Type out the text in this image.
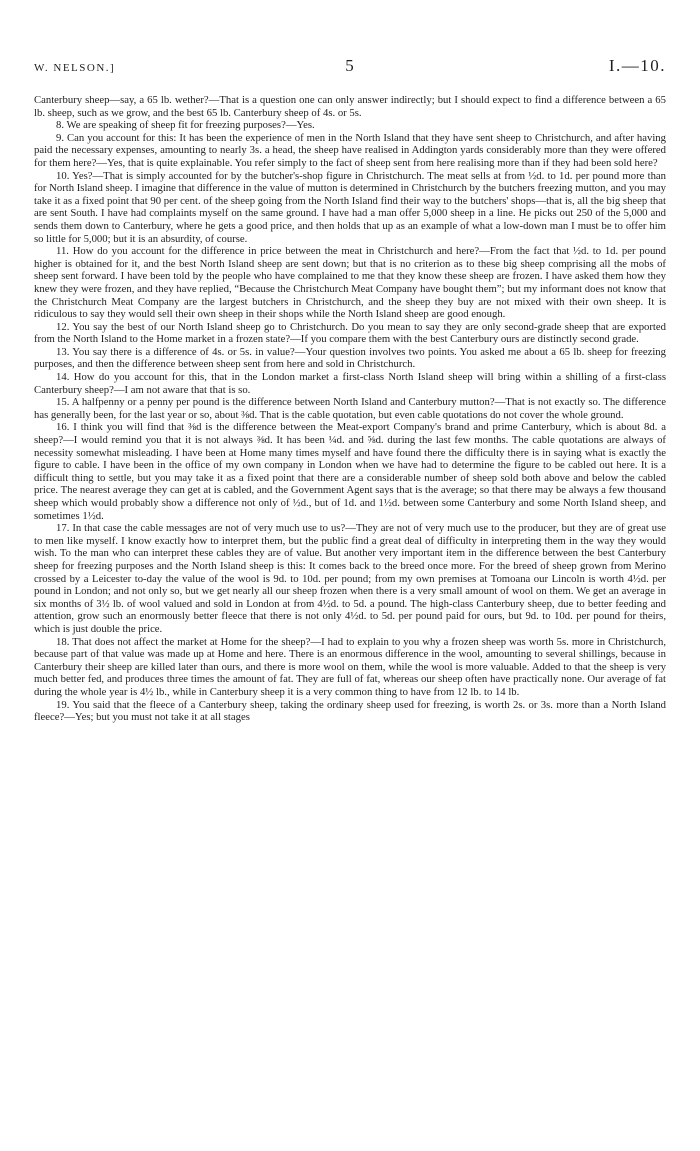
W. NELSON.]	5	I.—10.

Canterbury sheep—say, a 65 lb. wether?—That is a question one can only answer indirectly; but I should expect to find a difference between a 65 lb. sheep, such as we grow, and the best 65 lb. Canterbury sheep of 4s. or 5s.

8. We are speaking of sheep fit for freezing purposes?—Yes.

9. Can you account for this: It has been the experience of men in the North Island that they have sent sheep to Christchurch, and after having paid the necessary expenses, amounting to nearly 3s. a head, the sheep have realised in Addington yards considerably more than they were offered for them here?—Yes, that is quite explainable. You refer simply to the fact of sheep sent from here realising more than if they had been sold here?

10. Yes?—That is simply accounted for by the butcher's-shop figure in Christchurch. The meat sells at from ½d. to 1d. per pound more than for North Island sheep. I imagine that difference in the value of mutton is determined in Christchurch by the butchers freezing mutton, and you may take it as a fixed point that 90 per cent. of the sheep going from the North Island find their way to the butchers' shops—that is, all the big sheep that are sent South. I have had complaints myself on the same ground. I have had a man offer 5,000 sheep in a line. He picks out 250 of the 5,000 and sends them down to Canterbury, where he gets a good price, and then holds that up as an example of what a low-down man I must be to offer him so little for 5,000; but it is an absurdity, of course.

11. How do you account for the difference in price between the meat in Christchurch and here?—From the fact that ½d. to 1d. per pound higher is obtained for it, and the best North Island sheep are sent down; but that is no criterion as to these big sheep comprising all the mobs of sheep sent forward. I have been told by the people who have complained to me that they know these sheep are frozen. I have asked them how they knew they were frozen, and they have replied, “Because the Christchurch Meat Company have bought them”; but my informant does not know that the Christchurch Meat Company are the largest butchers in Christchurch, and the sheep they buy are not mixed with their own sheep. It is ridiculous to say they would sell their own sheep in their shops while the North Island sheep are good enough.

12. You say the best of our North Island sheep go to Christchurch. Do you mean to say they are only second-grade sheep that are exported from the North Island to the Home market in a frozen state?—If you compare them with the best Canterbury ours are distinctly second grade.

13. You say there is a difference of 4s. or 5s. in value?—Your question involves two points. You asked me about a 65 lb. sheep for freezing purposes, and then the difference between sheep sent from here and sold in Christchurch.

14. How do you account for this, that in the London market a first-class North Island sheep will bring within a shilling of a first-class Canterbury sheep?—I am not aware that that is so.

15. A halfpenny or a penny per pound is the difference between North Island and Canterbury mutton?—That is not exactly so. The difference has generally been, for the last year or so, about ⅜d. That is the cable quotation, but even cable quotations do not cover the whole ground.

16. I think you will find that ⅜d is the difference between the Meat-export Company's brand and prime Canterbury, which is about 8d. a sheep?—I would remind you that it is not always ⅜d. It has been ¼d. and ⅝d. during the last few months. The cable quotations are always of necessity somewhat misleading. I have been at Home many times myself and have found there the difficulty there is in saying what is exactly the figure to cable. I have been in the office of my own company in London when we have had to determine the figure to be cabled out here. It is a difficult thing to settle, but you may take it as a fixed point that there are a considerable number of sheep sold both above and below the cabled price. The nearest average they can get at is cabled, and the Government Agent says that is the average; so that there may be always a few thousand sheep which would probably show a difference not only of ½d., but of 1d. and 1½d. between some Canterbury and some North Island sheep, and sometimes 1½d.

17. In that case the cable messages are not of very much use to us?—They are not of very much use to the producer, but they are of great use to men like myself. I know exactly how to interpret them, but the public find a great deal of difficulty in interpreting them in the way they would wish. To the man who can interpret these cables they are of value. But another very important item in the difference between the best Canterbury sheep for freezing purposes and the North Island sheep is this: It comes back to the breed once more. For the breed of sheep grown from Merino crossed by a Leicester to-day the value of the wool is 9d. to 10d. per pound; from my own premises at Tomoana our Lincoln is worth 4½d. per pound in London; and not only so, but we get nearly all our sheep frozen when there is a very small amount of wool on them. We get an average in six months of 3½ lb. of wool valued and sold in London at from 4½d. to 5d. a pound. The high-class Canterbury sheep, due to better feeding and attention, grow such an enormously better fleece that there is not only 4½d. to 5d. per pound paid for ours, but 9d. to 10d. per pound for theirs, which is just double the price.

18. That does not affect the market at Home for the sheep?—I had to explain to you why a frozen sheep was worth 5s. more in Christchurch, because part of that value was made up at Home and here. There is an enormous difference in the wool, amounting to several shillings, because in Canterbury their sheep are killed later than ours, and there is more wool on them, while the wool is more valuable. Added to that the sheep is very much better fed, and produces three times the amount of fat. They are full of fat, whereas our sheep often have practically none. Our average of fat during the whole year is 4½ lb., while in Canterbury sheep it is a very common thing to have from 12 lb. to 14 lb.

19. You said that the fleece of a Canterbury sheep, taking the ordinary sheep used for freezing, is worth 2s. or 3s. more than a North Island fleece?—Yes; but you must not take it at all stages
